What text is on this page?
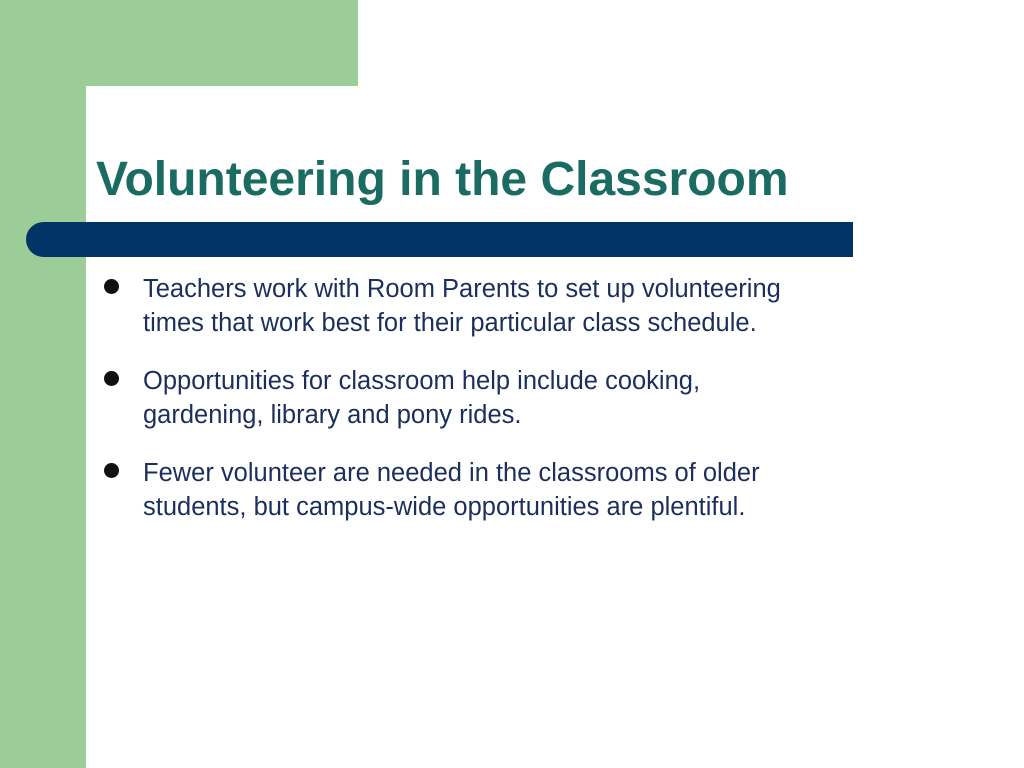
Volunteering in the Classroom
Teachers work with Room Parents to set up volunteering times that work best for their particular class schedule.
Opportunities for classroom help include cooking, gardening, library and pony rides.
Fewer volunteer are needed in the classrooms of older students, but campus-wide opportunities are plentiful.
